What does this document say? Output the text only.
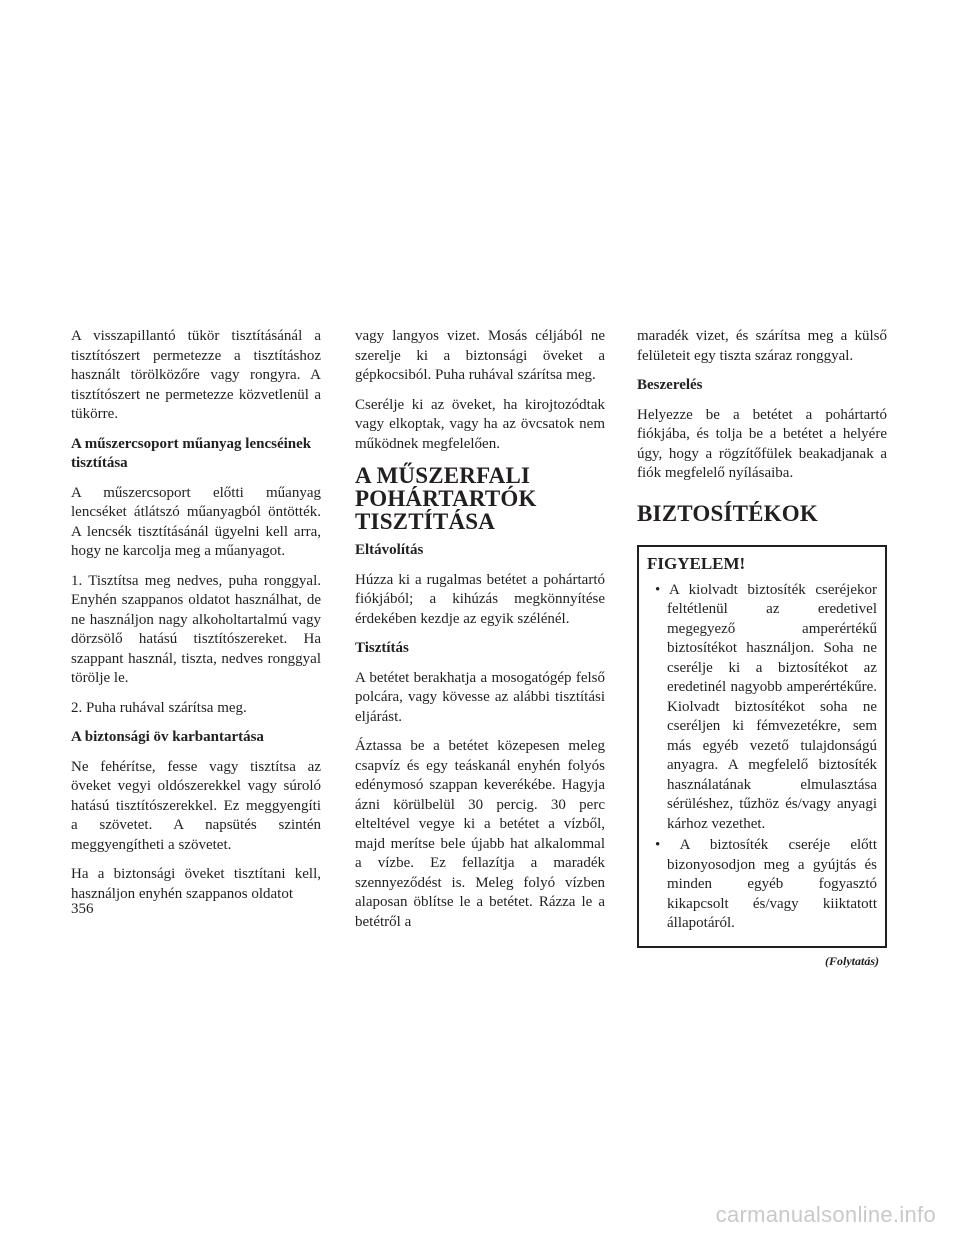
A visszapillantó tükör tisztításánál a tisztítószert permetezze a tisztításhoz használt törölközőre vagy rongyra. A tisztítószert ne permetezze közvetlenül a tükörre.

A műszercsoport műanyag lencséinek tisztítása

A műszercsoport előtti műanyag lencséket átlátszó műanyagból öntötték. A lencsék tisztításánál ügyelni kell arra, hogy ne karcolja meg a műanyagot.

1. Tisztítsa meg nedves, puha ronggyal. Enyhén szappanos oldatot használhat, de ne használjon nagy alkoholtartalmú vagy dörzsölő hatású tisztítószereket. Ha szappant használ, tiszta, nedves ronggyal törölje le.

2. Puha ruhával szárítsa meg.

A biztonsági öv karbantartása

Ne fehérítse, fesse vagy tisztítsa az öveket vegyi oldószerekkel vagy súroló hatású tisztítószerekkel. Ez meggyengíti a szövetet. A napsütés szintén meggyengítheti a szövetet.

Ha a biztonsági öveket tisztítani kell, használjon enyhén szappanos oldatot

vagy langyos vizet. Mosás céljából ne szerelje ki a biztonsági öveket a gépkocsiból. Puha ruhával szárítsa meg.

Cserélje ki az öveket, ha kirojtozódtak vagy elkoptak, vagy ha az övcsatok nem működnek megfelelően.

A MŰSZERFALI POHÁRTARTÓK TISZTÍTÁSA

Eltávolítás

Húzza ki a rugalmas betétet a pohártartó fiókjából; a kihúzás megkönnyítése érdekében kezdje az egyik szélénél.

Tisztítás

A betétet berakhatja a mosogatógép felső polcára, vagy kövesse az alábbi tisztítási eljárást.

Áztassa be a betétet közepesen meleg csapvíz és egy teáskanál enyhén folyós edénymosó szappan keverékébe. Hagyja ázni körülbelül 30 percig. 30 perc elteltével vegye ki a betétet a vízből, majd merítse bele újabb hat alkalommal a vízbe. Ez fellazítja a maradék szennyeződést is. Meleg folyó vízben alaposan öblítse le a betétet. Rázza le a betétről a

maradék vizet, és szárítsa meg a külső felületeit egy tiszta száraz ronggyal.

Beszerelés

Helyezze be a betétet a pohártartó fiókjába, és tolja be a betétet a helyére úgy, hogy a rögzítőfülek beakadjanak a fiók megfelelő nyílásaiba.

BIZTOSÍTÉKOK
FIGYELEM!
• A kiolvadt biztosíték cseréjekor feltétlenül az eredetivel megegyező amperértékű biztosítékot használjon. Soha ne cserélje ki a biztosítékot az eredetinél nagyobb amperértékűre. Kiolvadt biztosítékot soha ne cseréljen ki fémvezetékre, sem más egyéb vezető tulajdonságú anyagra. A megfelelő biztosíték használatának elmulasztása sérüléshez, tűzhöz és/vagy anyagi kárhoz vezethet.
• A biztosíték cseréje előtt bizonyosodjon meg a gyújtás és minden egyéb fogyasztó kikapcsolt és/vagy kiiktatott állapotáról.
(Folytatás)
356
carmanualsonline.info
